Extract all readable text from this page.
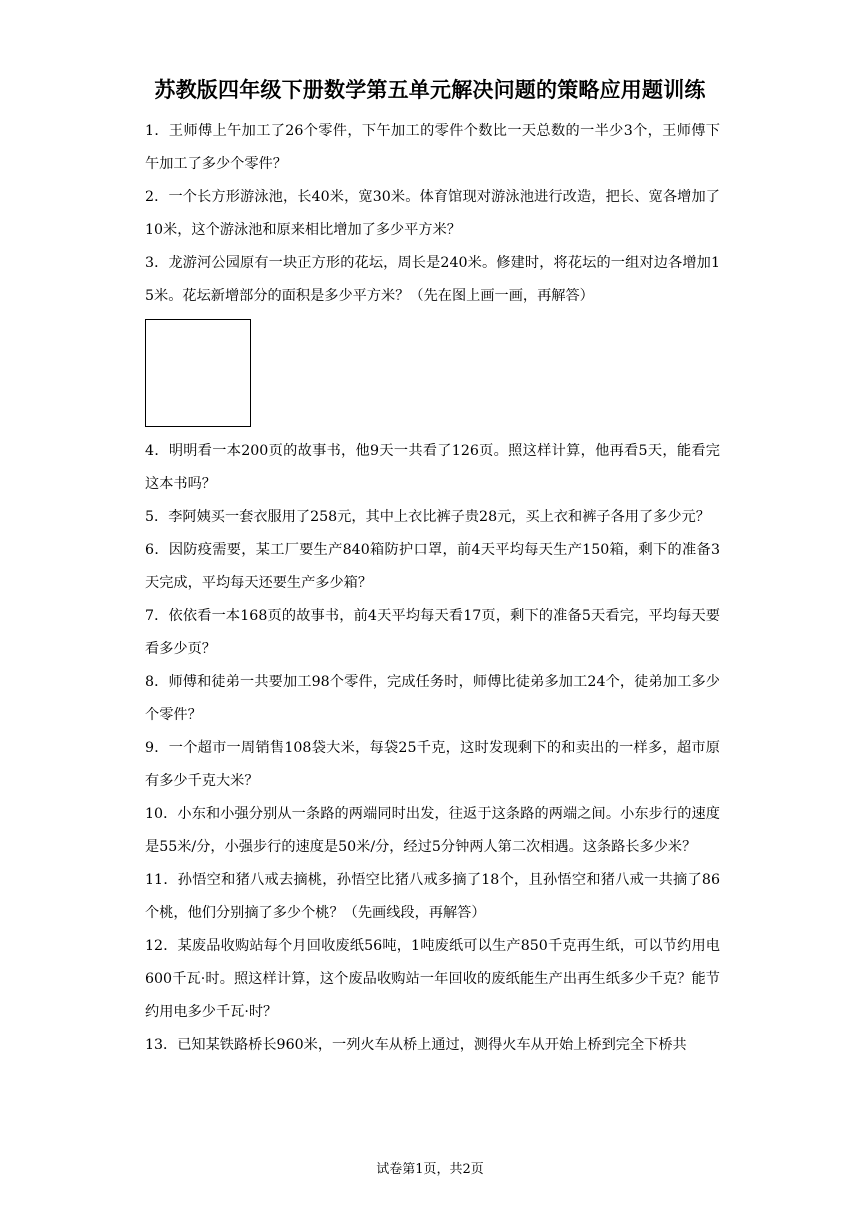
苏教版四年级下册数学第五单元解决问题的策略应用题训练

1．王师傅上午加工了26个零件，下午加工的零件个数比一天总数的一半少3个，王师傅下午加工了多少个零件？

2．一个长方形游泳池，长40米，宽30米。体育馆现对游泳池进行改造，把长、宽各增加了10米，这个游泳池和原来相比增加了多少平方米？

3．龙游河公园原有一块正方形的花坛，周长是240米。修建时，将花坛的一组对边各增加15米。花坛新增部分的面积是多少平方米？（先在图上画一画，再解答）

4．明明看一本200页的故事书，他9天一共看了126页。照这样计算，他再看5天，能看完这本书吗？

5．李阿姨买一套衣服用了258元，其中上衣比裤子贵28元，买上衣和裤子各用了多少元？

6．因防疫需要，某工厂要生产840箱防护口罩，前4天平均每天生产150箱，剩下的准备3天完成，平均每天还要生产多少箱？

7．依依看一本168页的故事书，前4天平均每天看17页，剩下的准备5天看完，平均每天要看多少页？

8．师傅和徒弟一共要加工98个零件，完成任务时，师傅比徒弟多加工24个，徒弟加工多少个零件？

9．一个超市一周销售108袋大米，每袋25千克，这时发现剩下的和卖出的一样多，超市原有多少千克大米？

10．小东和小强分别从一条路的两端同时出发，往返于这条路的两端之间。小东步行的速度是55米/分，小强步行的速度是50米/分，经过5分钟两人第二次相遇。这条路长多少米？

11．孙悟空和猪八戒去摘桃，孙悟空比猪八戒多摘了18个，且孙悟空和猪八戒一共摘了86个桃，他们分别摘了多少个桃？（先画线段，再解答）

12．某废品收购站每个月回收废纸56吨，1吨废纸可以生产850千克再生纸，可以节约用电600千瓦·时。照这样计算，这个废品收购站一年回收的废纸能生产出再生纸多少千克？能节约用电多少千瓦·时？

13．已知某铁路桥长960米，一列火车从桥上通过，测得火车从开始上桥到完全下桥共

试卷第1页，共2页
